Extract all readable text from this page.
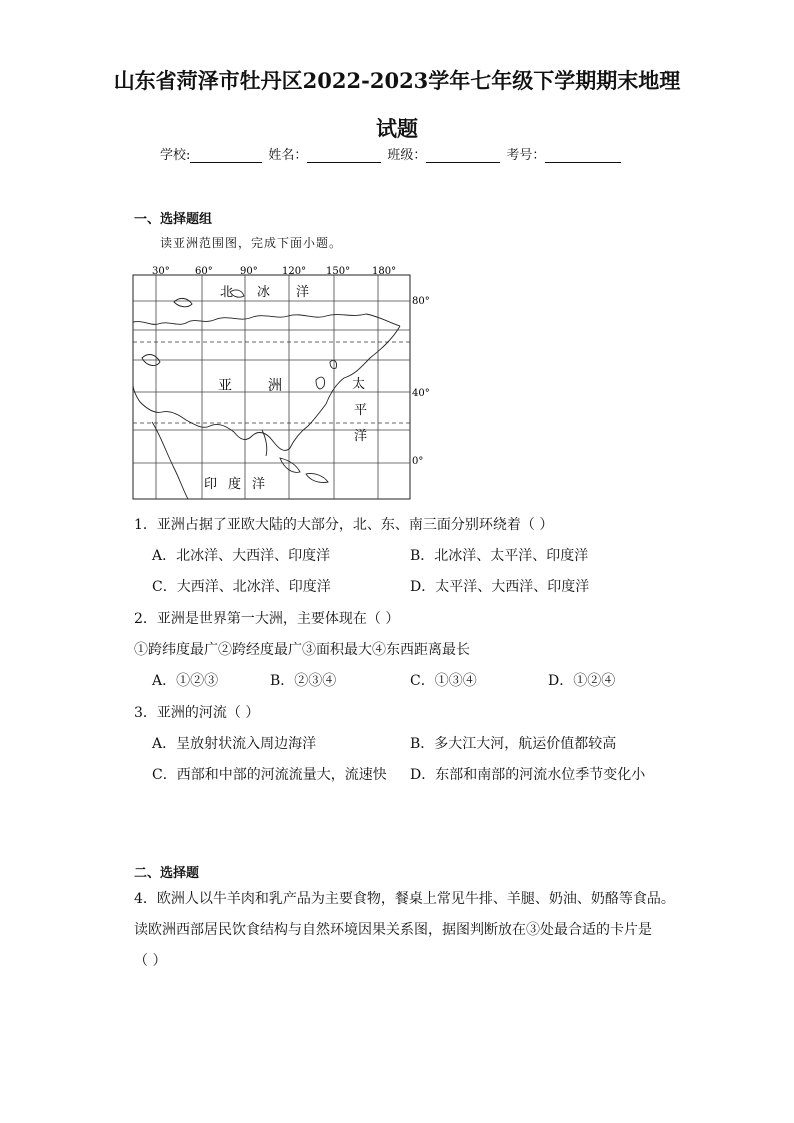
山东省菏泽市牡丹区2022-2023学年七年级下学期期末地理
试题
学校:	姓名：	班级：	考号：
一、选择题组
读亚洲范围图，完成下面小题。
30°	60°	90° 120° 150° 180°
80°
40°
0°
北 冰 洋
亚	洲	太
平
洋
印 度 洋
1．亚洲占据了亚欧大陆的大部分，北、东、南三面分别环绕着（ ）
A．北冰洋、大西洋、印度洋	B．北冰洋、太平洋、印度洋
C．大西洋、北冰洋、印度洋	D．太平洋、大西洋、印度洋
2．亚洲是世界第一大洲，主要体现在（ ）
①跨纬度最广②跨经度最广③面积最大④东西距离最长
A．①②③	B．②③④	C．①③④	D．①②④
3．亚洲的河流（ ）
A．呈放射状流入周边海洋	B．多大江大河，航运价值都较高
C．西部和中部的河流流量大，流速快 D．东部和南部的河流水位季节变化小
二、选择题
4．欧洲人以牛羊肉和乳产品为主要食物，餐桌上常见牛排、羊腿、奶油、奶酪等食品。
读欧洲西部居民饮食结构与自然环境因果关系图，据图判断放在③处最合适的卡片是
（ ）
